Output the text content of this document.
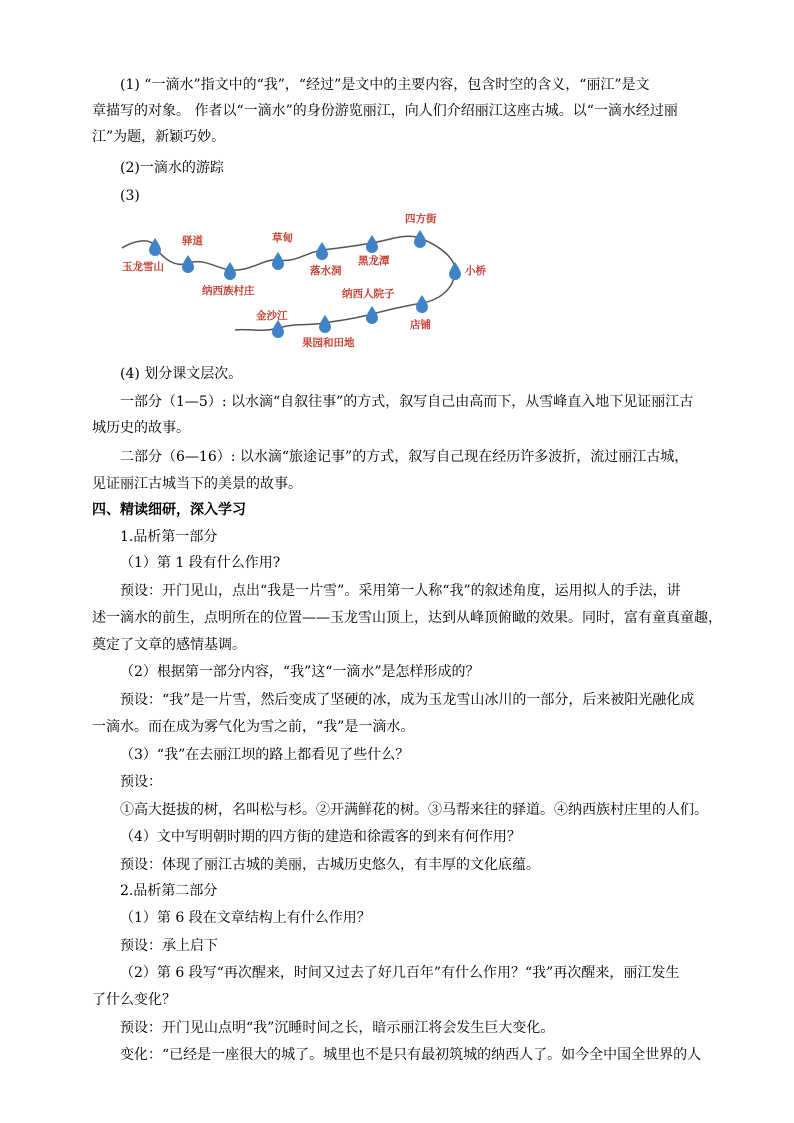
(1) “一滴水”指文中的“我”，“经过”是文中的主要内容，包含时空的含义，“丽江”是文
章描写的对象。 作者以“一滴水”的身份游览丽江，向人们介绍丽江这座古城。以“一滴水经过丽
江”为题，新颖巧妙。
(2)一滴水的游踪
(3)
玉龙雪山
驿道
纳西族村庄
草甸
落水洞
黑龙潭
四方街
小桥
店铺
纳西人院子
果园和田地
金沙江
(4) 划分课文层次。
一部分（1—5）: 以水滴“自叙往事”的方式，叙写自己由高而下，从雪峰直入地下见证丽江古
城历史的故事。
二部分（6—16）: 以水滴“旅途记事”的方式，叙写自己现在经历许多波折，流过丽江古城，
见证丽江古城当下的美景的故事。
四、精读细研，深入学习
1.品析第一部分
（1）第 1 段有什么作用?
预设：开门见山，点出“我是一片雪”。采用第一人称“我”的叙述角度，运用拟人的手法，讲
述一滴水的前生，点明所在的位置——玉龙雪山顶上，达到从峰顶俯瞰的效果。同时，富有童真童趣，
奠定了文章的感情基调。
（2）根据第一部分内容，“我”这“一滴水”是怎样形成的？
预设：“我”是一片雪，然后变成了坚硬的冰，成为玉龙雪山冰川的一部分，后来被阳光融化成
一滴水。而在成为雾气化为雪之前，“我”是一滴水。
（3）“我”在去丽江坝的路上都看见了些什么？
预设：
①高大挺拔的树，名叫松与杉。②开满鲜花的树。③马帮来往的驿道。④纳西族村庄里的人们。
（4）文中写明朝时期的四方街的建造和徐霞客的到来有何作用？
预设：体现了丽江古城的美丽，古城历史悠久，有丰厚的文化底蕴。
2.品析第二部分
（1）第 6 段在文章结构上有什么作用？
预设：承上启下
（2）第 6 段写“再次醒来，时间又过去了好几百年”有什么作用？“我”再次醒来，丽江发生
了什么变化？
预设：开门见山点明“我”沉睡时间之长，暗示丽江将会发生巨大变化。
变化：“已经是一座很大的城了。城里也不是只有最初筑城的纳西人了。如今全中国全世界的人
